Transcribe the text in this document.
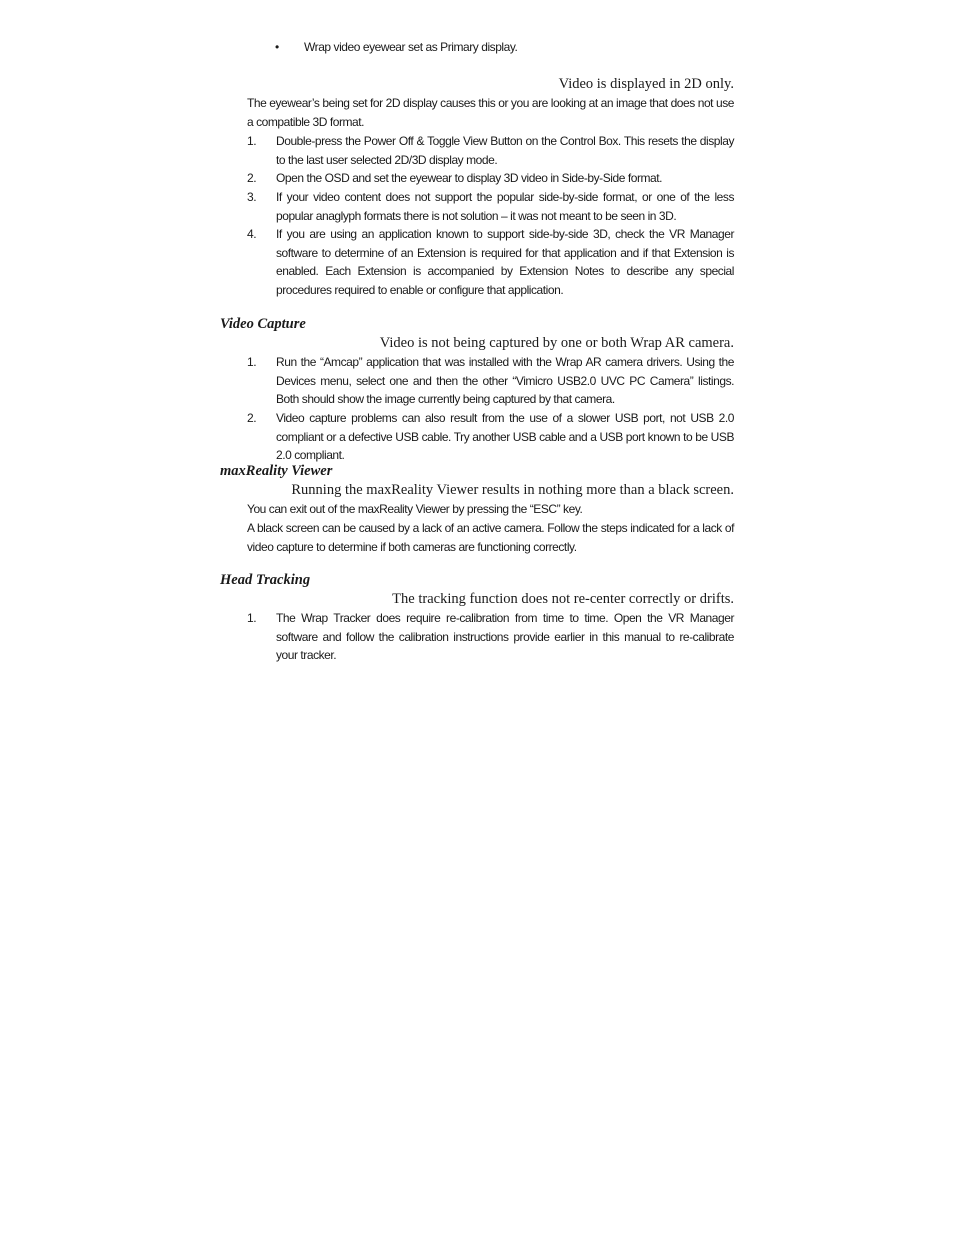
• Wrap video eyewear set as Primary display.
Video is displayed in 2D only.

The eyewear’s being set for 2D display causes this or you are looking at an image that does not use a compatible 3D format.

1. Double-press the Power Off & Toggle View Button on the Control Box. This resets the display to the last user selected 2D/3D display mode.
2. Open the OSD and set the eyewear to display 3D video in Side-by-Side format.
3. If your video content does not support the popular side-by-side format, or one of the less popular anaglyph formats there is not solution – it was not meant to be seen in 3D.
4. If you are using an application known to support side-by-side 3D, check the VR Manager software to determine of an Extension is required for that application and if that Extension is enabled. Each Extension is accompanied by Extension Notes to describe any special procedures required to enable or configure that application.
Video Capture
Video is not being captured by one or both Wrap AR camera.
1. Run the “Amcap” application that was installed with the Wrap AR camera drivers. Using the Devices menu, select one and then the other “Vimicro USB2.0 UVC PC Camera” listings. Both should show the image currently being captured by that camera.
2. Video capture problems can also result from the use of a slower USB port, not USB 2.0 compliant or a defective USB cable. Try another USB cable and a USB port known to be USB 2.0 compliant.
maxReality Viewer
Running the maxReality Viewer results in nothing more than a black screen.

You can exit out of the maxReality Viewer by pressing the “ESC” key.

A black screen can be caused by a lack of an active camera. Follow the steps indicated for a lack of video capture to determine if both cameras are functioning correctly.

Head Tracking
The tracking function does not re-center correctly or drifts.
1. The Wrap Tracker does require re-calibration from time to time. Open the VR Manager software and follow the calibration instructions provide earlier in this manual to re-calibrate your tracker.
